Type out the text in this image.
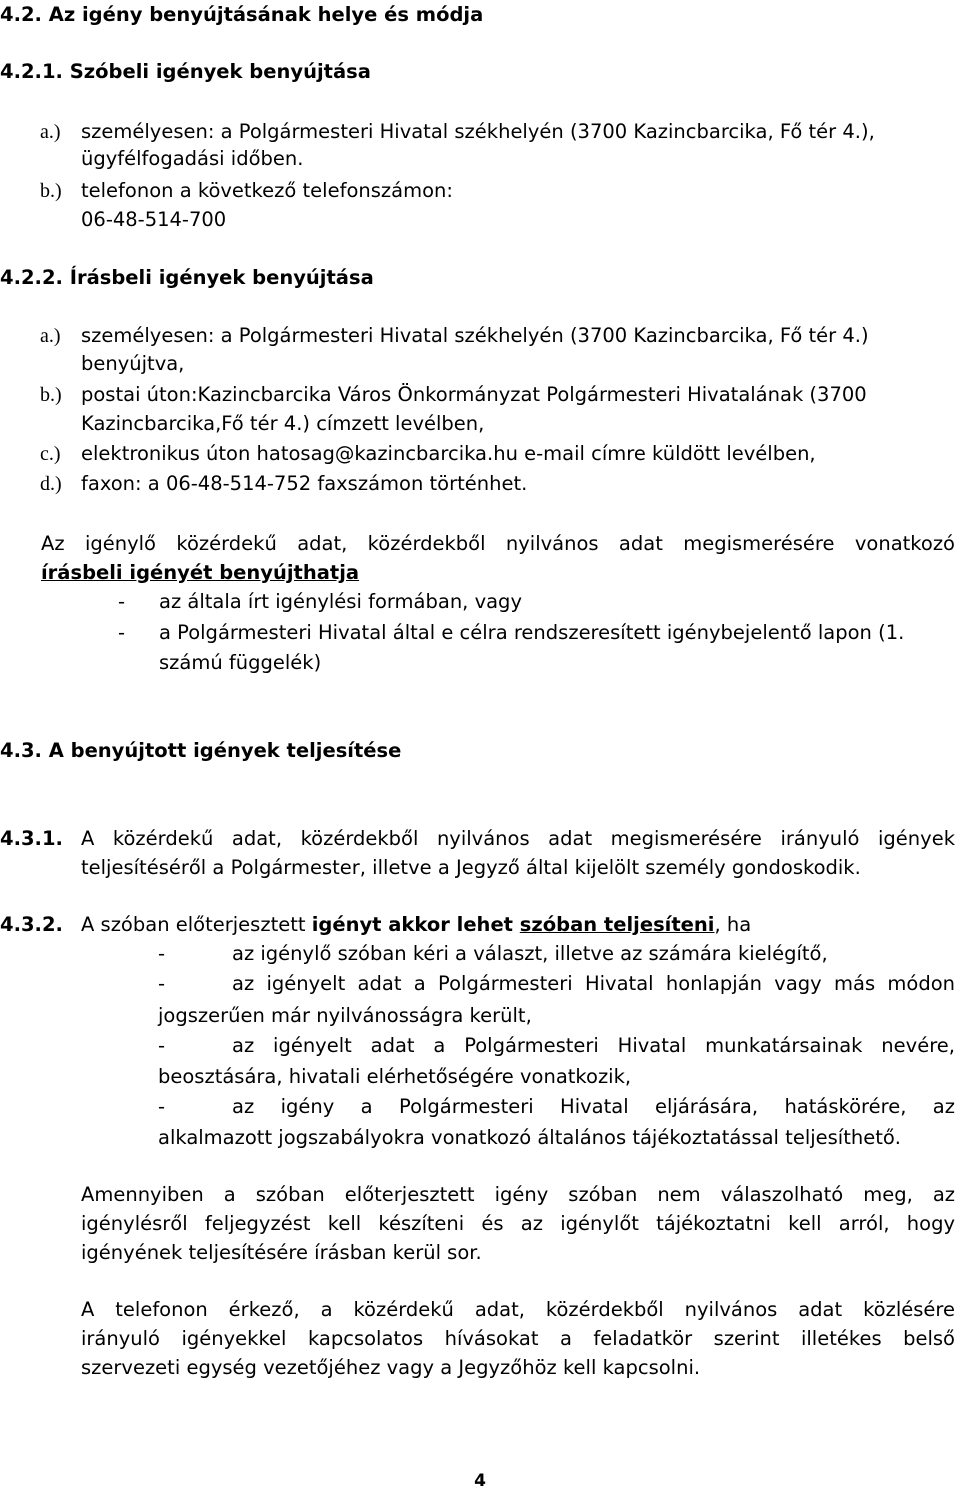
4.2. Az igény benyújtásának helye és módja
4.2.1. Szóbeli igények benyújtása
a.) személyesen: a Polgármesteri Hivatal székhelyén (3700 Kazincbarcika, Fő tér 4.),
ügyfélfogadási időben.
b.) telefonon a következő telefonszámon:
06-48-514-700
4.2.2. Írásbeli igények benyújtása
a.) személyesen: a Polgármesteri Hivatal székhelyén (3700 Kazincbarcika, Fő tér 4.)
benyújtva,
b.) postai úton:Kazincbarcika Város Önkormányzat Polgármesteri Hivatalának (3700
Kazincbarcika,Fő tér 4.) címzett levélben,
c.) elektronikus úton hatosag@kazincbarcika.hu e-mail címre küldött levélben,
d.) faxon: a 06-48-514-752 faxszámon történhet.
Az igénylő közérdekű adat, közérdekből nyilvános adat megismerésére vonatkozó
írásbeli igényét benyújthatja
- az általa írt igénylési formában, vagy
- a Polgármesteri Hivatal által e célra rendszeresített igénybejelentő lapon (1.
számú függelék)
4.3. A benyújtott igények teljesítése
4.3.1. A közérdekű adat, közérdekből nyilvános adat megismerésére irányuló igények
teljesítéséről a Polgármester, illetve a Jegyző által kijelölt személy gondoskodik.
4.3.2. A szóban előterjesztett igényt akkor lehet szóban teljesíteni, ha
-	az igénylő szóban kéri a választ, illetve az számára kielégítő,
-	az igényelt adat a Polgármesteri Hivatal honlapján vagy más módon
jogszerűen már nyilvánosságra került,
-	az igényelt adat a Polgármesteri Hivatal munkatársainak nevére,
beosztására, hivatali elérhetőségére vonatkozik,
-	az igény a Polgármesteri Hivatal eljárására, hatáskörére, az
alkalmazott jogszabályokra vonatkozó általános tájékoztatással teljesíthető.
Amennyiben a szóban előterjesztett igény szóban nem válaszolható meg, az
igénylésről feljegyzést kell készíteni és az igénylőt tájékoztatni kell arról, hogy
igényének teljesítésére írásban kerül sor.
A telefonon érkező, a közérdekű adat, közérdekből nyilvános adat közlésére
irányuló igényekkel kapcsolatos hívásokat a feladatkör szerint illetékes belső
szervezeti egység vezetőjéhez vagy a Jegyzőhöz kell kapcsolni.
4
